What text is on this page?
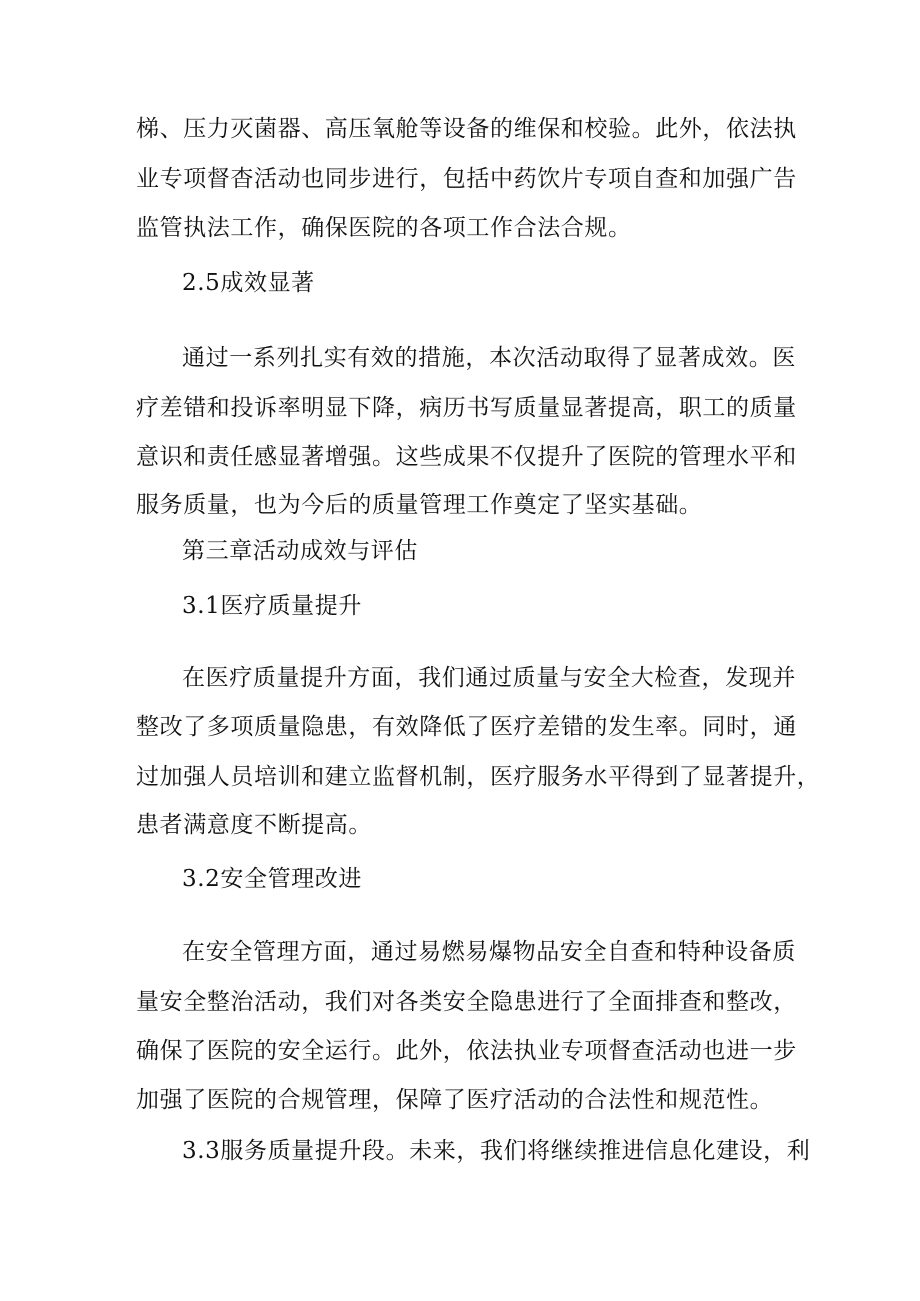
梯、压力灭菌器、高压氧舱等设备的维保和校验。此外，依法执
业专项督杳活动也同步进行，包括中药饮片专项自查和加强广告
监管执法工作，确保医院的各项工作合法合规。
2.5成效显著
通过一系列扎实有效的措施，本次活动取得了显著成效。医
疗差错和投诉率明显下降，病历书写质量显著提高，职工的质量
意识和责任感显著增强。这些成果不仅提升了医院的管理水平和
服务质量，也为今后的质量管理工作奠定了坚实基础。
第三章活动成效与评估
3.1医疗质量提升
在医疗质量提升方面，我们通过质量与安全大检查，发现并
整改了多项质量隐患，有效降低了医疗差错的发生率。同时，通
过加强人员培训和建立监督机制，医疗服务水平得到了显著提升，
患者满意度不断提高。
3.2安全管理改进
在安全管理方面，通过易燃易爆物品安全自查和特种设备质
量安全整治活动，我们对各类安全隐患进行了全面排查和整改，
确保了医院的安全运行。此外，依法执业专项督查活动也进一步
加强了医院的合规管理，保障了医疗活动的合法性和规范性。
3.3服务质量提升段。未来，我们将继续推进信息化建设，利
